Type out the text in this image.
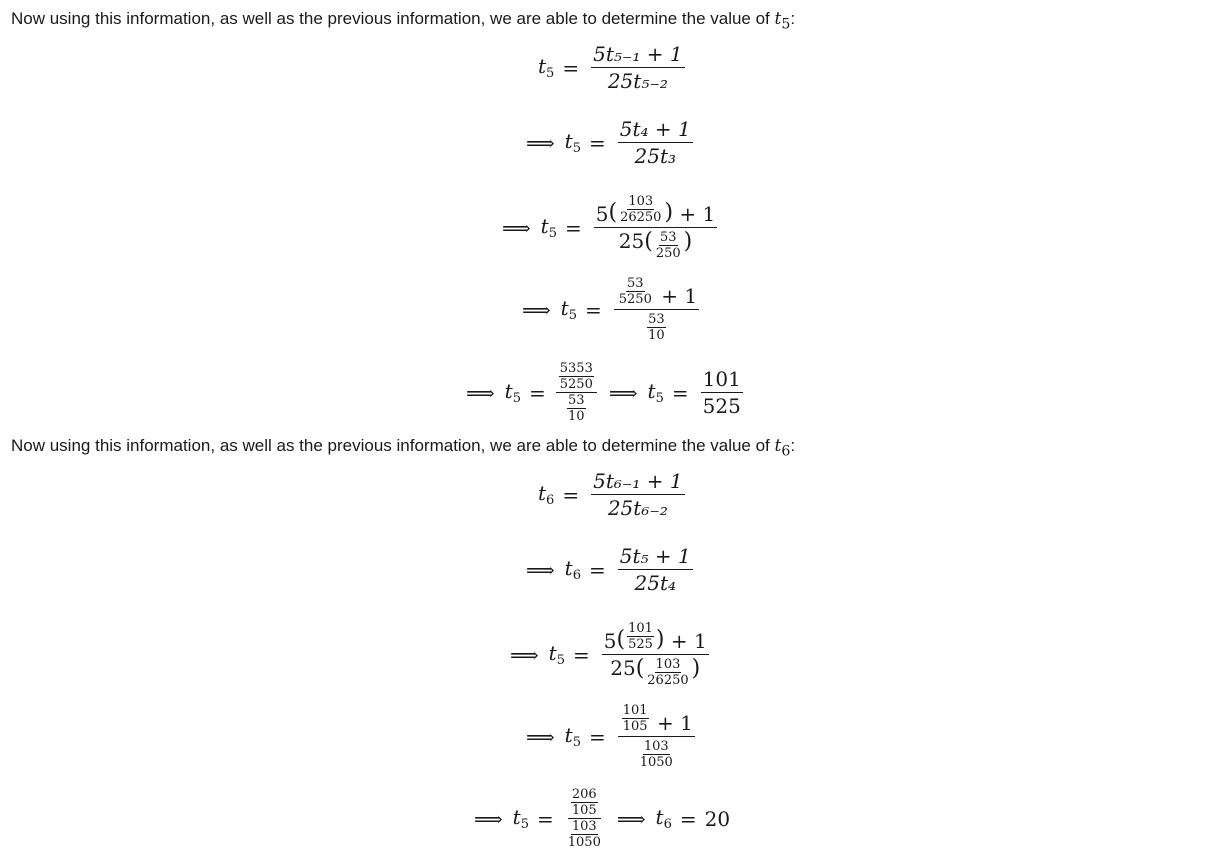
Now using this information, as well as the previous information, we are able to determine the value of $t_5$:
$t_5 = \frac{\text{5t₅₋₁ + 1}}{\text{25t₅₋₂}}$
⟹ $t_5 = \frac{\text{5t₄ + 1}}{\text{25t₃}}$
⟹ $t_5 = \frac{5 ( \frac{103}{26250} ) + 1}{25 ( \frac{53}{250} )}$
⟹ $t_5 = \frac{\frac{53}{5250} + 1}{\frac{53}{10}}$
⟹ $t_5 = \frac{\frac{5353}{5250}}{\frac{53}{10}}$ ⟹ $t_5 = \frac{101}{525}$
Now using this information, as well as the previous information, we are able to determine the value of $t_6$:
$t_6 = \frac{\text{5t₆₋₁ + 1}}{\text{25t₆₋₂}}$
⟹ $t_6 = \frac{\text{5t₅ + 1}}{\text{25t₄}}$
⟹ $t_5 = \frac{5 ( \frac{101}{525} ) + 1}{25 ( \frac{103}{26250} )}$
⟹ $t_5 = \frac{\frac{101}{105} + 1}{\frac{103}{1050}}$
⟹ $t_5 = \frac{\frac{206}{105}}{\frac{103}{1050}}$ ⟹ $t_6 = 20$
